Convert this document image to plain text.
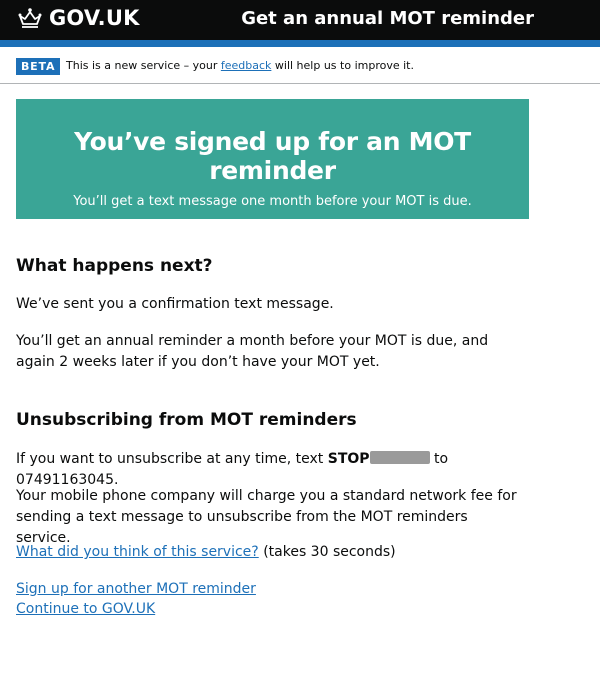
GOV.UK	Get an annual MOT reminder
BETA This is a new service – your feedback will help us to improve it.
You’ve signed up for an MOT reminder
You’ll get a text message one month before your MOT is due.
What happens next?
We’ve sent you a confirmation text message.
You’ll get an annual reminder a month before your MOT is due, and again 2 weeks later if you don’t have your MOT yet.
Unsubscribing from MOT reminders
If you want to unsubscribe at any time, text STOP	to 07491163045.
Your mobile phone company will charge you a standard network fee for sending a text message to unsubscribe from the MOT reminders service.
What did you think of this service? (takes 30 seconds)
Sign up for another MOT reminder
Continue to GOV.UK
